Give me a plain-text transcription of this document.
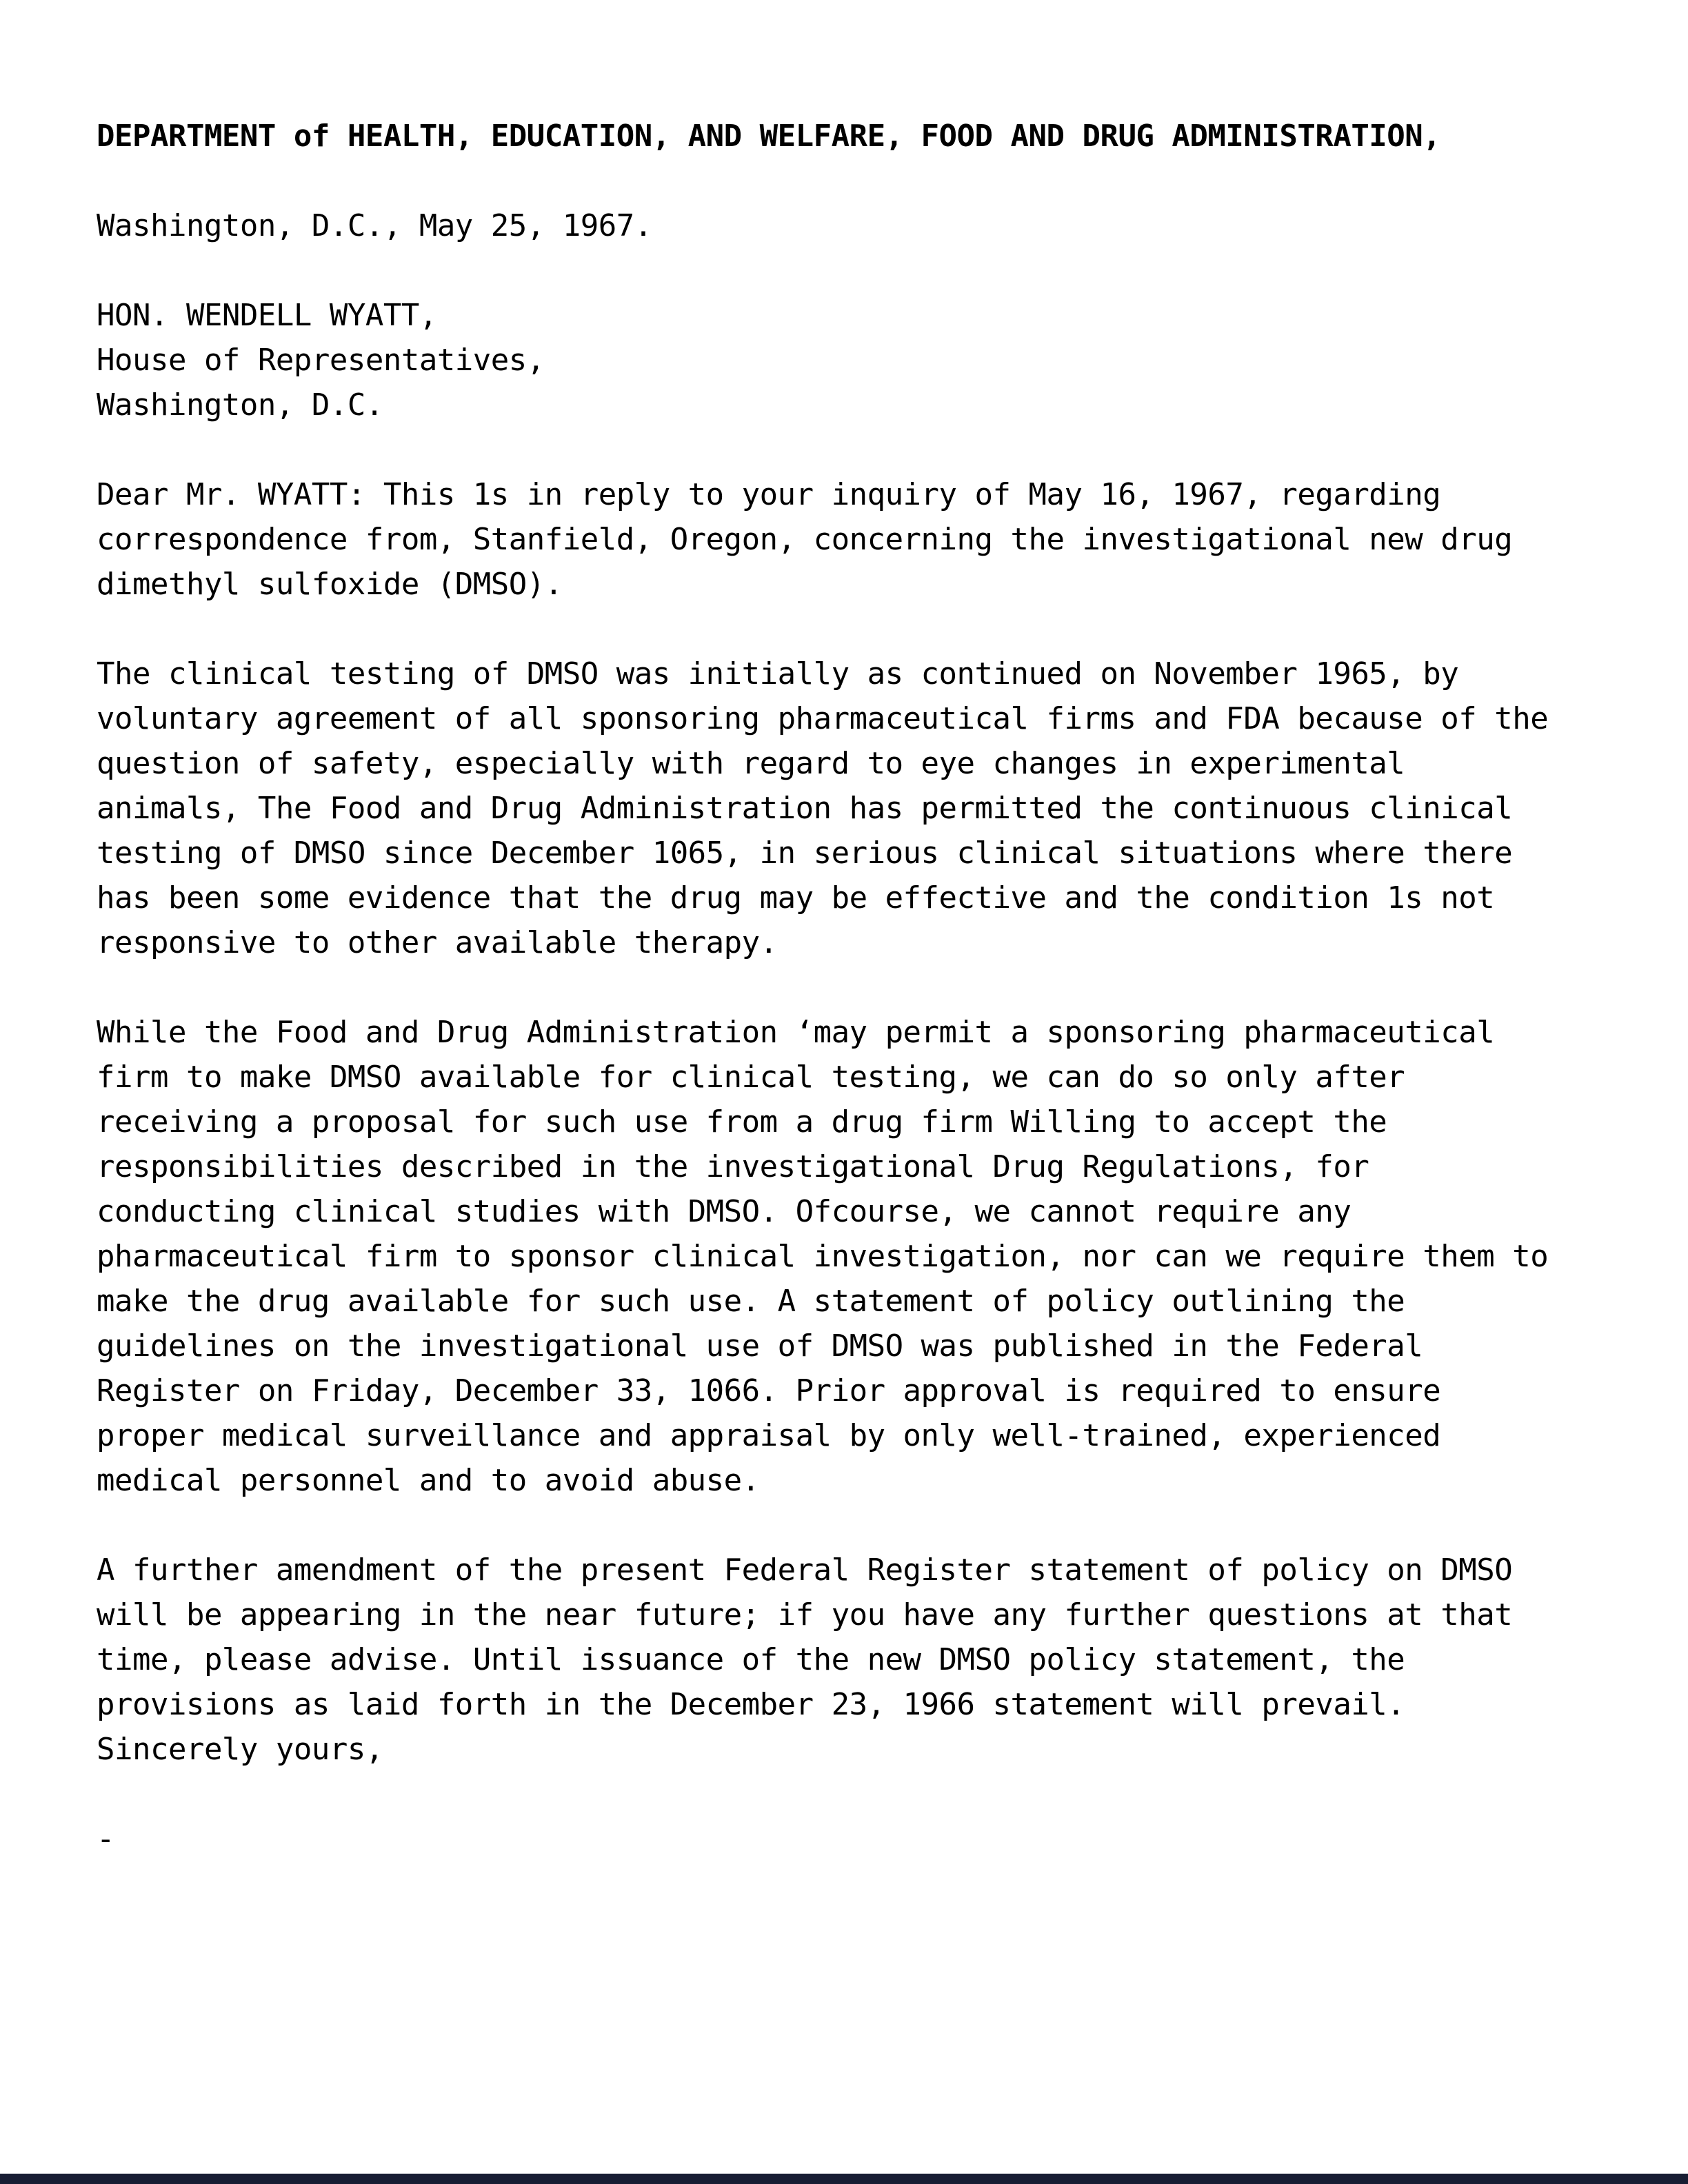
DEPARTMENT of HEALTH, EDUCATION, AND WELFARE, FOOD AND DRUG ADMINISTRATION,
Washington, D.C., May 25, 1967.
HON. WENDELL WYATT,
House of Representatives,
Washington, D.C.
Dear Mr. WYATT: This 1s in reply to your inquiry of May 16, 1967, regarding
correspondence from, Stanfield, Oregon, concerning the investigational new drug
dimethyl sulfoxide (DMSO).
The clinical testing of DMSO was initially as continued on November 1965, by
voluntary agreement of all sponsoring pharmaceutical firms and FDA because of the
question of safety, especially with regard to eye changes in experimental
animals, The Food and Drug Administration has permitted the continuous clinical
testing of DMSO since December 1065, in serious clinical situations where there
has been some evidence that the drug may be effective and the condition 1s not
responsive to other available therapy.
While the Food and Drug Administration ‘may permit a sponsoring pharmaceutical
firm to make DMSO available for clinical testing, we can do so only after
receiving a proposal for such use from a drug firm Willing to accept the
responsibilities described in the investigational Drug Regulations, for
conducting clinical studies with DMSO. Ofcourse, we cannot require any
pharmaceutical firm to sponsor clinical investigation, nor can we require them to
make the drug available for such use. A statement of policy outlining the
guidelines on the investigational use of DMSO was published in the Federal
Register on Friday, December 33, 1066. Prior approval is required to ensure
proper medical surveillance and appraisal by only well-trained, experienced
medical personnel and to avoid abuse.
A further amendment of the present Federal Register statement of policy on DMSO
will be appearing in the near future; if you have any further questions at that
time, please advise. Until issuance of the new DMSO policy statement, the
provisions as laid forth in the December 23, 1966 statement will prevail.
Sincerely yours,
-
